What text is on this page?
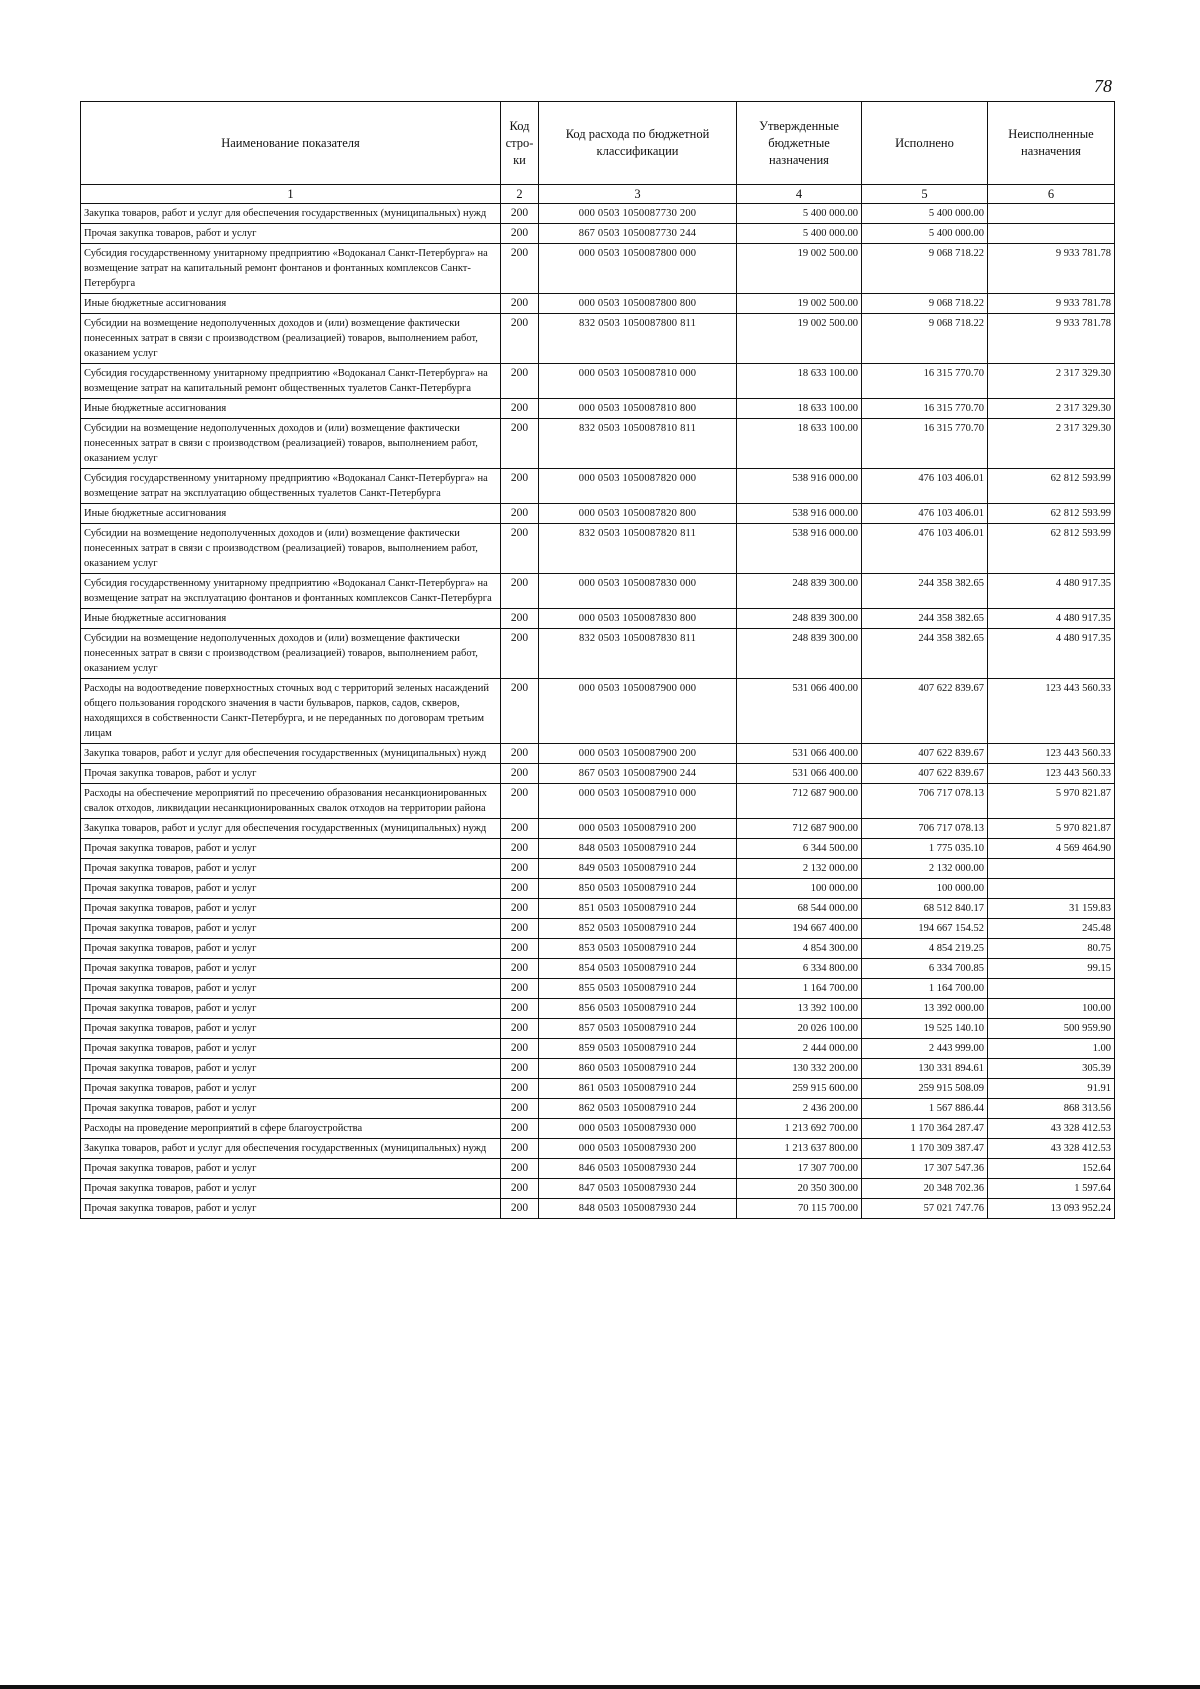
78
Наименование показателя	Код стро-ки	Код расхода по бюджетной классификации	Утвержденные бюджетные назначения	Исполнено	Неисполненные назначения
1	2	3	4	5	6
Закупка товаров, работ и услуг для обеспечения государственных (муниципальных) нужд	200	000 0503 1050087730 200	5 400 000.00	5 400 000.00	
Прочая закупка товаров, работ и услуг	200	867 0503 1050087730 244	5 400 000.00	5 400 000.00	
Субсидия государственному унитарному предприятию «Водоканал Санкт-Петербурга» на возмещение затрат на капитальный ремонт фонтанов и фонтанных комплексов Санкт-Петербурга	200	000 0503 1050087800 000	19 002 500.00	9 068 718.22	9 933 781.78
Иные бюджетные ассигнования	200	000 0503 1050087800 800	19 002 500.00	9 068 718.22	9 933 781.78
Субсидии на возмещение недополученных доходов и (или) возмещение фактически понесенных затрат в связи с производством (реализацией) товаров, выполнением работ, оказанием услуг	200	832 0503 1050087800 811	19 002 500.00	9 068 718.22	9 933 781.78
Субсидия государственному унитарному предприятию «Водоканал Санкт-Петербурга» на возмещение затрат на капитальный ремонт общественных туалетов Санкт-Петербурга	200	000 0503 1050087810 000	18 633 100.00	16 315 770.70	2 317 329.30
Иные бюджетные ассигнования	200	000 0503 1050087810 800	18 633 100.00	16 315 770.70	2 317 329.30
Субсидии на возмещение недополученных доходов и (или) возмещение фактически понесенных затрат в связи с производством (реализацией) товаров, выполнением работ, оказанием услуг	200	832 0503 1050087810 811	18 633 100.00	16 315 770.70	2 317 329.30
Субсидия государственному унитарному предприятию «Водоканал Санкт-Петербурга» на возмещение затрат на эксплуатацию общественных туалетов Санкт-Петербурга	200	000 0503 1050087820 000	538 916 000.00	476 103 406.01	62 812 593.99
Иные бюджетные ассигнования	200	000 0503 1050087820 800	538 916 000.00	476 103 406.01	62 812 593.99
Субсидии на возмещение недополученных доходов и (или) возмещение фактически понесенных затрат в связи с производством (реализацией) товаров, выполнением работ, оказанием услуг	200	832 0503 1050087820 811	538 916 000.00	476 103 406.01	62 812 593.99
Субсидия государственному унитарному предприятию «Водоканал Санкт-Петербурга» на возмещение затрат на эксплуатацию фонтанов и фонтанных комплексов Санкт-Петербурга	200	000 0503 1050087830 000	248 839 300.00	244 358 382.65	4 480 917.35
Иные бюджетные ассигнования	200	000 0503 1050087830 800	248 839 300.00	244 358 382.65	4 480 917.35
Субсидии на возмещение недополученных доходов и (или) возмещение фактически понесенных затрат в связи с производством (реализацией) товаров, выполнением работ, оказанием услуг	200	832 0503 1050087830 811	248 839 300.00	244 358 382.65	4 480 917.35
Расходы на водоотведение поверхностных сточных вод с территорий зеленых насаждений общего пользования городского значения в части бульваров, парков, садов, скверов, находящихся в собственности Санкт-Петербурга, и не переданных по договорам третьим лицам	200	000 0503 1050087900 000	531 066 400.00	407 622 839.67	123 443 560.33
Закупка товаров, работ и услуг для обеспечения государственных (муниципальных) нужд	200	000 0503 1050087900 200	531 066 400.00	407 622 839.67	123 443 560.33
Прочая закупка товаров, работ и услуг	200	867 0503 1050087900 244	531 066 400.00	407 622 839.67	123 443 560.33
Расходы на обеспечение мероприятий по пресечению образования несанкционированных свалок отходов, ликвидации несанкционированных свалок отходов на территории района	200	000 0503 1050087910 000	712 687 900.00	706 717 078.13	5 970 821.87
Закупка товаров, работ и услуг для обеспечения государственных (муниципальных) нужд	200	000 0503 1050087910 200	712 687 900.00	706 717 078.13	5 970 821.87
Прочая закупка товаров, работ и услуг	200	848 0503 1050087910 244	6 344 500.00	1 775 035.10	4 569 464.90
Прочая закупка товаров, работ и услуг	200	849 0503 1050087910 244	2 132 000.00	2 132 000.00	
Прочая закупка товаров, работ и услуг	200	850 0503 1050087910 244	100 000.00	100 000.00	
Прочая закупка товаров, работ и услуг	200	851 0503 1050087910 244	68 544 000.00	68 512 840.17	31 159.83
Прочая закупка товаров, работ и услуг	200	852 0503 1050087910 244	194 667 400.00	194 667 154.52	245.48
Прочая закупка товаров, работ и услуг	200	853 0503 1050087910 244	4 854 300.00	4 854 219.25	80.75
Прочая закупка товаров, работ и услуг	200	854 0503 1050087910 244	6 334 800.00	6 334 700.85	99.15
Прочая закупка товаров, работ и услуг	200	855 0503 1050087910 244	1 164 700.00	1 164 700.00	
Прочая закупка товаров, работ и услуг	200	856 0503 1050087910 244	13 392 100.00	13 392 000.00	100.00
Прочая закупка товаров, работ и услуг	200	857 0503 1050087910 244	20 026 100.00	19 525 140.10	500 959.90
Прочая закупка товаров, работ и услуг	200	859 0503 1050087910 244	2 444 000.00	2 443 999.00	1.00
Прочая закупка товаров, работ и услуг	200	860 0503 1050087910 244	130 332 200.00	130 331 894.61	305.39
Прочая закупка товаров, работ и услуг	200	861 0503 1050087910 244	259 915 600.00	259 915 508.09	91.91
Прочая закупка товаров, работ и услуг	200	862 0503 1050087910 244	2 436 200.00	1 567 886.44	868 313.56
Расходы на проведение мероприятий в сфере благоустройства	200	000 0503 1050087930 000	1 213 692 700.00	1 170 364 287.47	43 328 412.53
Закупка товаров, работ и услуг для обеспечения государственных (муниципальных) нужд	200	000 0503 1050087930 200	1 213 637 800.00	1 170 309 387.47	43 328 412.53
Прочая закупка товаров, работ и услуг	200	846 0503 1050087930 244	17 307 700.00	17 307 547.36	152.64
Прочая закупка товаров, работ и услуг	200	847 0503 1050087930 244	20 350 300.00	20 348 702.36	1 597.64
Прочая закупка товаров, работ и услуг	200	848 0503 1050087930 244	70 115 700.00	57 021 747.76	13 093 952.24
